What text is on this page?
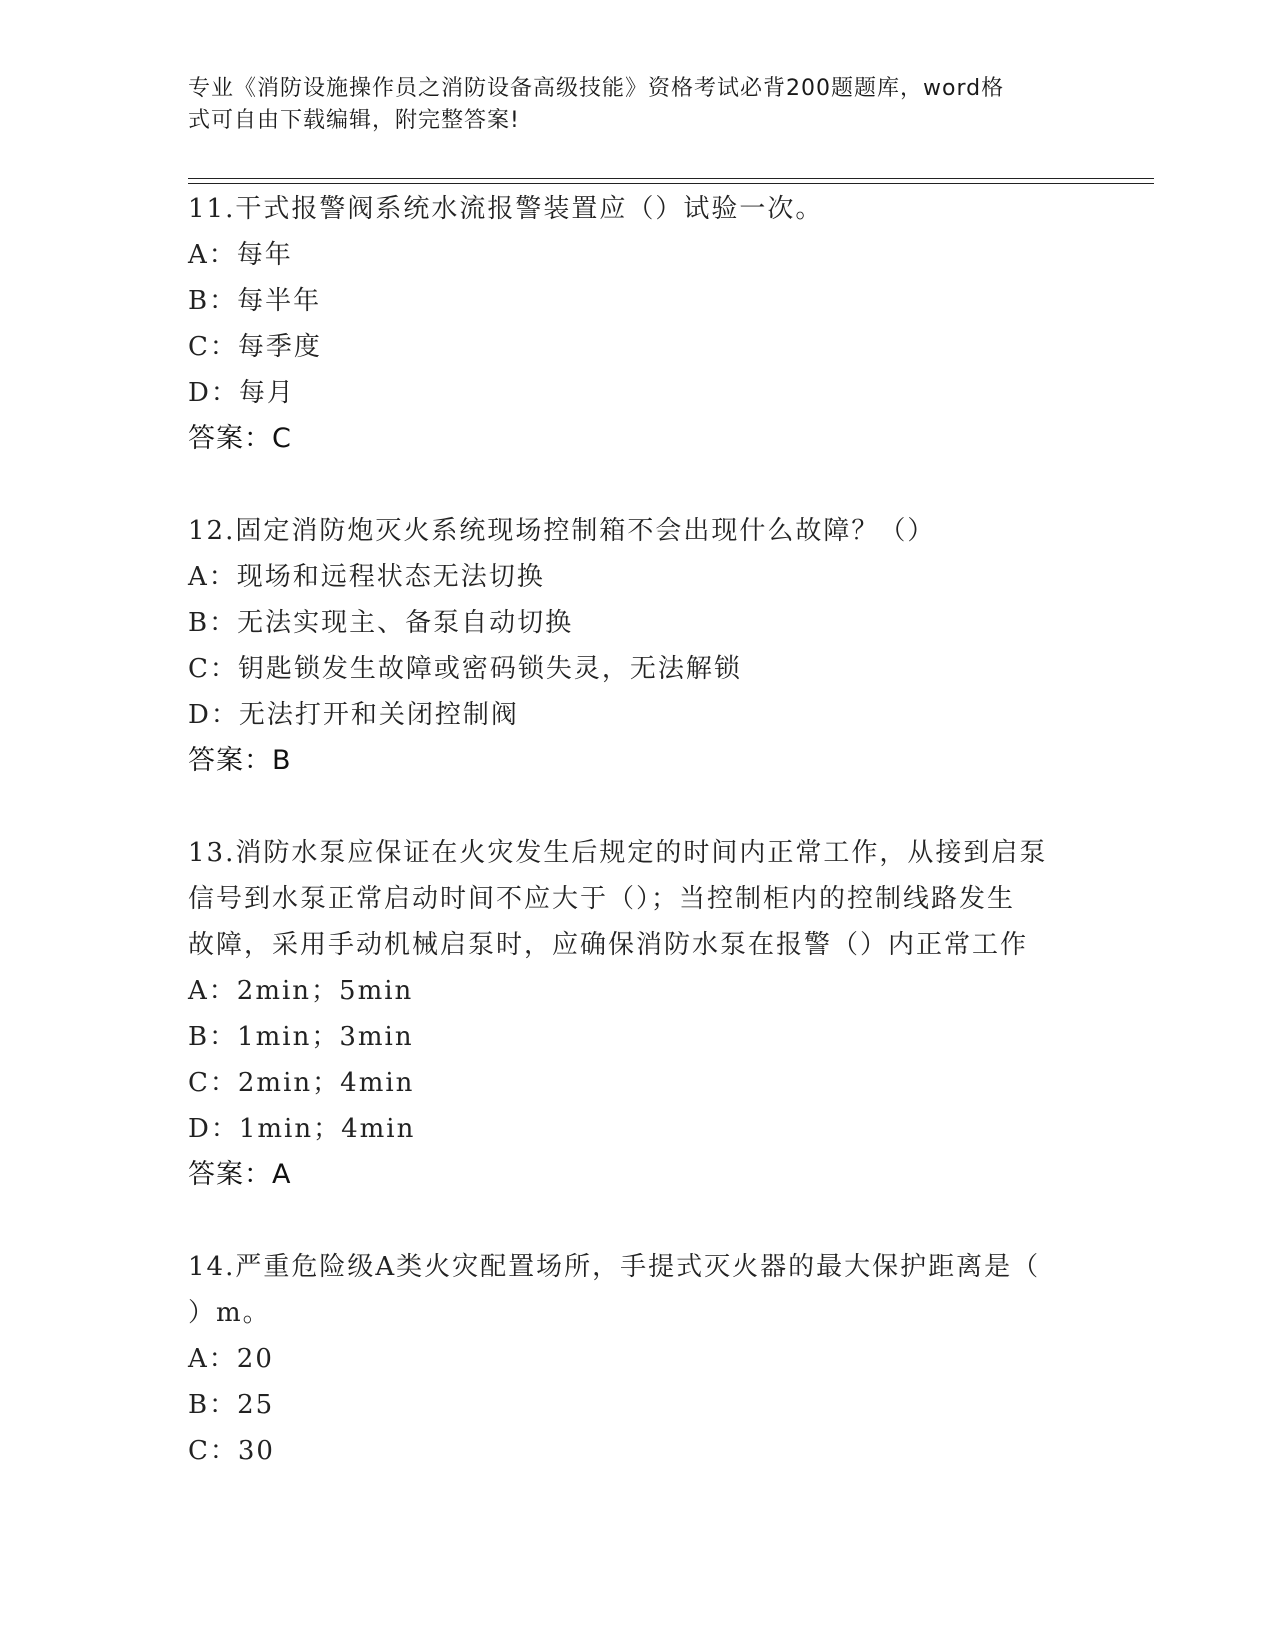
专业《消防设施操作员之消防设备高级技能》资格考试必背200题题库，word格
式可自由下载编辑，附完整答案!

11.干式报警阀系统水流报警装置应（）试验一次。

A：每年

B：每半年

C：每季度

D：每月

答案：C

12.固定消防炮灭火系统现场控制箱不会出现什么故障？（）

A：现场和远程状态无法切换

B：无法实现主、备泵自动切换

C：钥匙锁发生故障或密码锁失灵，无法解锁

D：无法打开和关闭控制阀

答案：B

13.消防水泵应保证在火灾发生后规定的时间内正常工作，从接到启泵

信号到水泵正常启动时间不应大于（）；当控制柜内的控制线路发生

故障，采用手动机械启泵时，应确保消防水泵在报警（）内正常工作

A：2min；5min

B：1min；3min

C：2min；4min

D：1min；4min

答案：A

14.严重危险级A类火灾配置场所，手提式灭火器的最大保护距离是（

）m。

A：20

B：25

C：30
